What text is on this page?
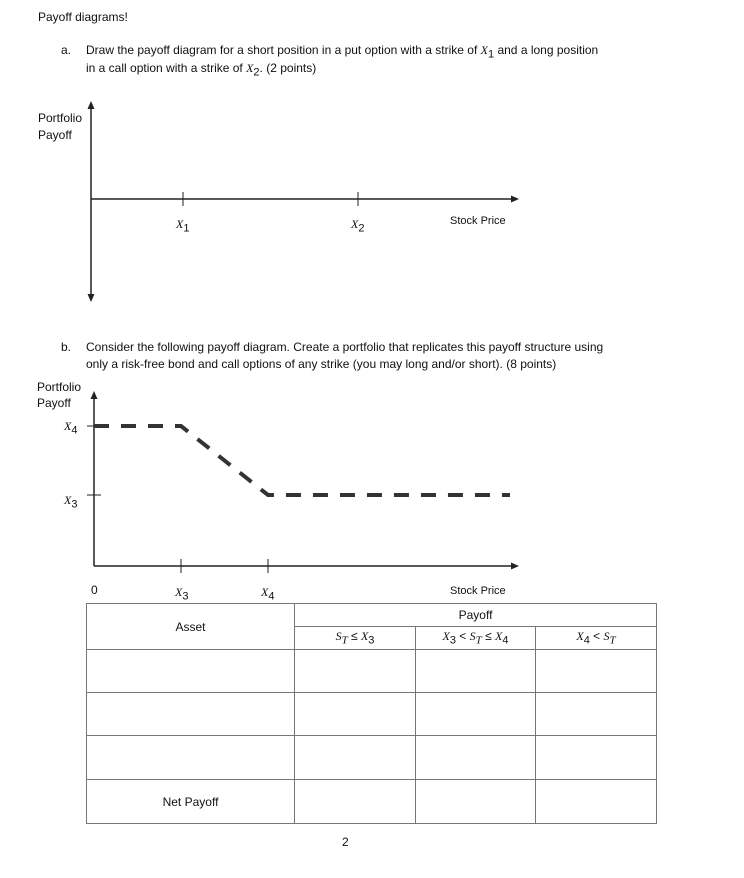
Payoff diagrams!
a. Draw the payoff diagram for a short position in a put option with a strike of $X_1$ and a long position
in a call option with a strike of $X_2$. (2 points)
Portfolio
Payoff
$X_1$	$X_2$
Stock Price
b. Consider the following payoff diagram. Create a portfolio that replicates this payoff structure using
only a risk-free bond and call options of any strike (you may long and/or short). (8 points)
Portfolio
Payoff
$X_4$
$X_3$
0	$X_3$	$X_4$	Stock Price
Asset	Payoff		
	$S_T \le X_3$	$X_3 < S_T \le X_4$	$X_4 < S_T$

Net Payoff			
2
